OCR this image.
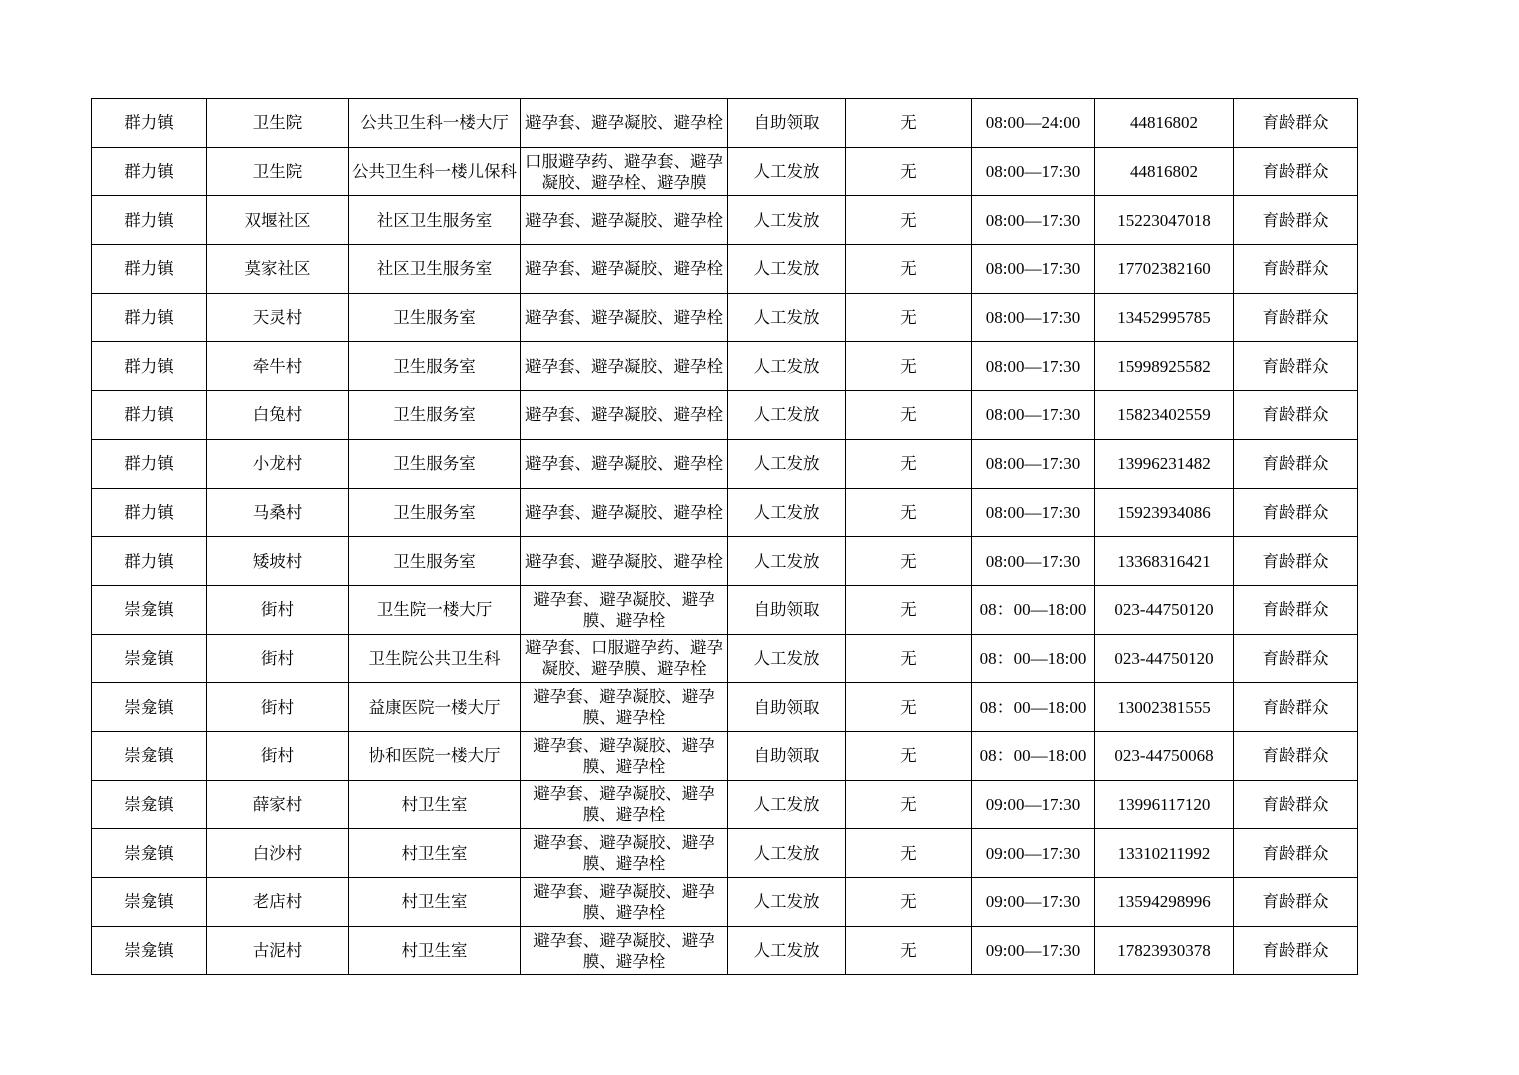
群力镇	卫生院	公共卫生科一楼大厅	避孕套、避孕凝胶、避孕栓	自助领取	无	08:00—24:00	44816802	育龄群众
群力镇	卫生院	公共卫生科一楼儿保科	口服避孕药、避孕套、避孕凝胶、避孕栓、避孕膜	人工发放	无	08:00—17:30	44816802	育龄群众
群力镇	双堰社区	社区卫生服务室	避孕套、避孕凝胶、避孕栓	人工发放	无	08:00—17:30	15223047018	育龄群众
群力镇	莫家社区	社区卫生服务室	避孕套、避孕凝胶、避孕栓	人工发放	无	08:00—17:30	17702382160	育龄群众
群力镇	天灵村	卫生服务室	避孕套、避孕凝胶、避孕栓	人工发放	无	08:00—17:30	13452995785	育龄群众
群力镇	牵牛村	卫生服务室	避孕套、避孕凝胶、避孕栓	人工发放	无	08:00—17:30	15998925582	育龄群众
群力镇	白兔村	卫生服务室	避孕套、避孕凝胶、避孕栓	人工发放	无	08:00—17:30	15823402559	育龄群众
群力镇	小龙村	卫生服务室	避孕套、避孕凝胶、避孕栓	人工发放	无	08:00—17:30	13996231482	育龄群众
群力镇	马桑村	卫生服务室	避孕套、避孕凝胶、避孕栓	人工发放	无	08:00—17:30	15923934086	育龄群众
群力镇	矮坡村	卫生服务室	避孕套、避孕凝胶、避孕栓	人工发放	无	08:00—17:30	13368316421	育龄群众
崇龛镇	街村	卫生院一楼大厅	避孕套、避孕凝胶、避孕膜、避孕栓	自助领取	无	08：00—18:00	023-44750120	育龄群众
崇龛镇	街村	卫生院公共卫生科	避孕套、口服避孕药、避孕凝胶、避孕膜、避孕栓	人工发放	无	08：00—18:00	023-44750120	育龄群众
崇龛镇	街村	益康医院一楼大厅	避孕套、避孕凝胶、避孕膜、避孕栓	自助领取	无	08：00—18:00	13002381555	育龄群众
崇龛镇	街村	协和医院一楼大厅	避孕套、避孕凝胶、避孕膜、避孕栓	自助领取	无	08：00—18:00	023-44750068	育龄群众
崇龛镇	薛家村	村卫生室	避孕套、避孕凝胶、避孕膜、避孕栓	人工发放	无	09:00—17:30	13996117120	育龄群众
崇龛镇	白沙村	村卫生室	避孕套、避孕凝胶、避孕膜、避孕栓	人工发放	无	09:00—17:30	13310211992	育龄群众
崇龛镇	老店村	村卫生室	避孕套、避孕凝胶、避孕膜、避孕栓	人工发放	无	09:00—17:30	13594298996	育龄群众
崇龛镇	古泥村	村卫生室	避孕套、避孕凝胶、避孕膜、避孕栓	人工发放	无	09:00—17:30	17823930378	育龄群众
